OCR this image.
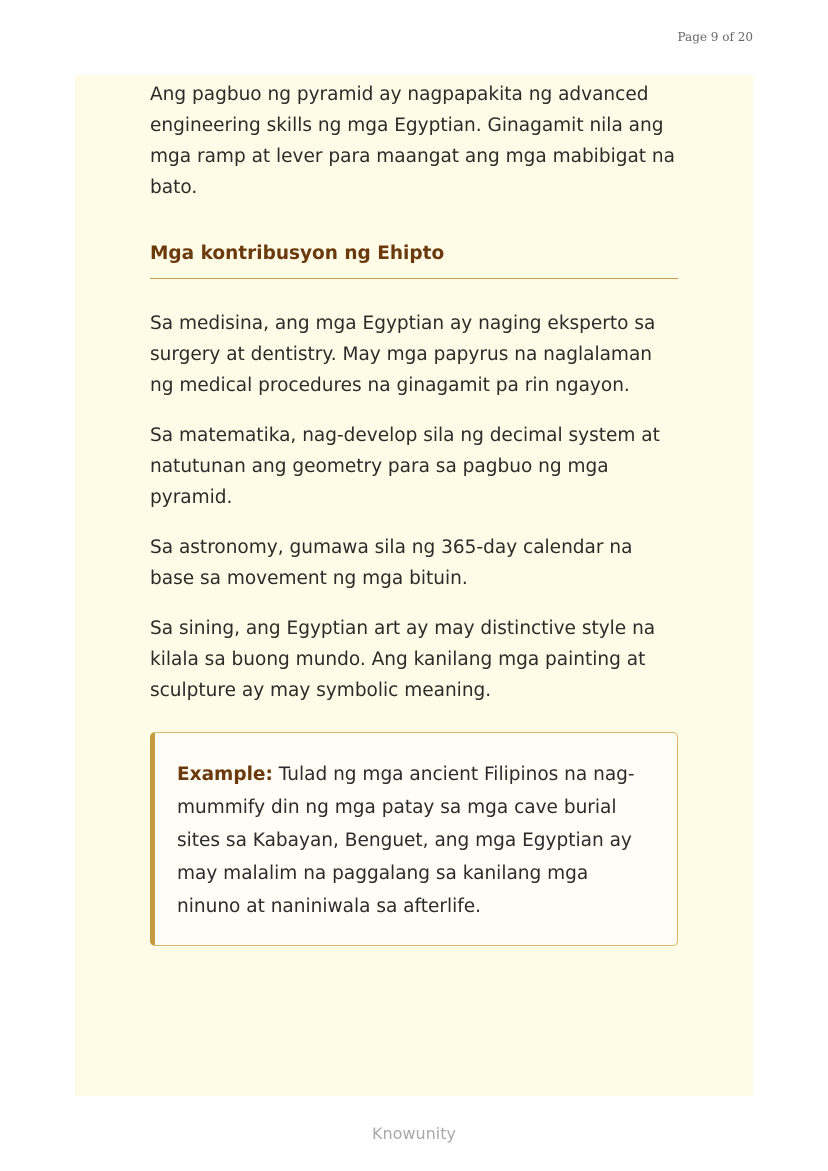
Page 9 of 20

Ang pagbuo ng pyramid ay nagpapakita ng advanced engineering skills ng mga Egyptian. Ginagamit nila ang mga ramp at lever para maangat ang mga mabibigat na bato.

Mga kontribusyon ng Ehipto

Sa medisina, ang mga Egyptian ay naging eksperto sa surgery at dentistry. May mga papyrus na naglalaman ng medical procedures na ginagamit pa rin ngayon.

Sa matematika, nag-develop sila ng decimal system at natutunan ang geometry para sa pagbuo ng mga pyramid.

Sa astronomy, gumawa sila ng 365-day calendar na base sa movement ng mga bituin.

Sa sining, ang Egyptian art ay may distinctive style na kilala sa buong mundo. Ang kanilang mga painting at sculpture ay may symbolic meaning.

Example: Tulad ng mga ancient Filipinos na nag-mummify din ng mga patay sa mga cave burial sites sa Kabayan, Benguet, ang mga Egyptian ay may malalim na paggalang sa kanilang mga ninuno at naniniwala sa afterlife.
Knowunity
